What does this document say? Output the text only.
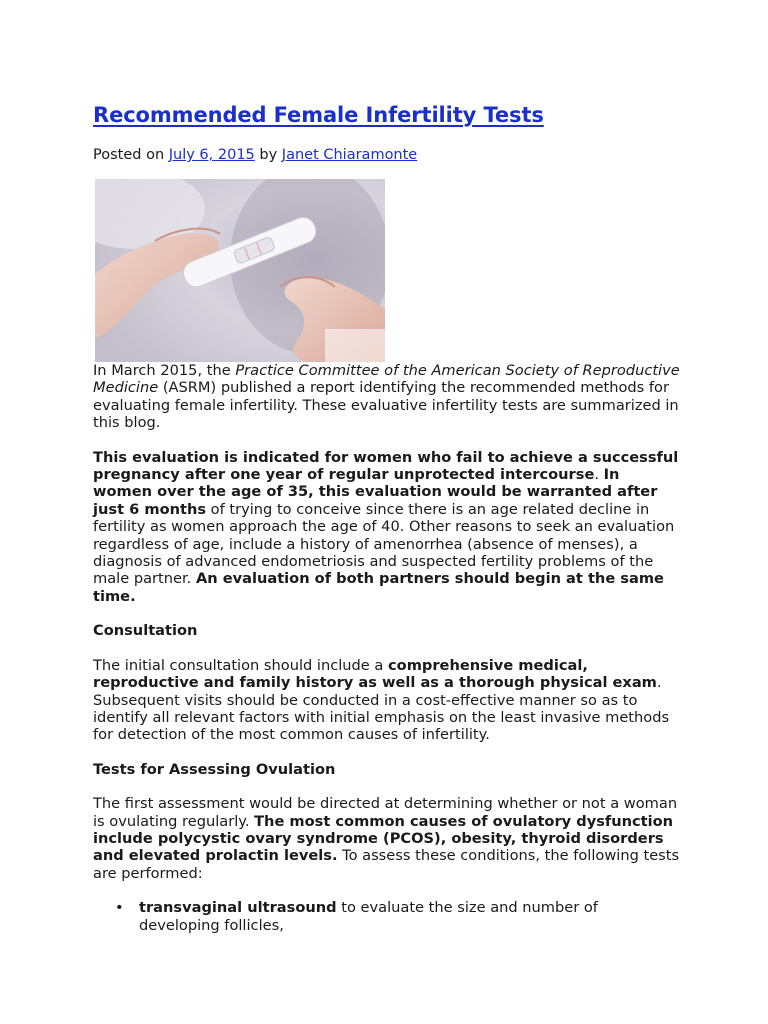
Recommended Female Infertility Tests
Posted on July 6, 2015 by Janet Chiaramonte

In March 2015, the Practice Committee of the American Society of Reproductive Medicine (ASRM) published a report identifying the recommended methods for evaluating female infertility. These evaluative infertility tests are summarized in this blog.

This evaluation is indicated for women who fail to achieve a successful pregnancy after one year of regular unprotected intercourse. In women over the age of 35, this evaluation would be warranted after just 6 months of trying to conceive since there is an age related decline in fertility as women approach the age of 40. Other reasons to seek an evaluation regardless of age, include a history of amenorrhea (absence of menses), a diagnosis of advanced endometriosis and suspected fertility problems of the male partner. An evaluation of both partners should begin at the same time.

Consultation

The initial consultation should include a comprehensive medical, reproductive and family history as well as a thorough physical exam. Subsequent visits should be conducted in a cost-effective manner so as to identify all relevant factors with initial emphasis on the least invasive methods for detection of the most common causes of infertility.

Tests for Assessing Ovulation

The first assessment would be directed at determining whether or not a woman is ovulating regularly. The most common causes of ovulatory dysfunction include polycystic ovary syndrome (PCOS), obesity, thyroid disorders and elevated prolactin levels. To assess these conditions, the following tests are performed:

• transvaginal ultrasound to evaluate the size and number of developing follicles,
